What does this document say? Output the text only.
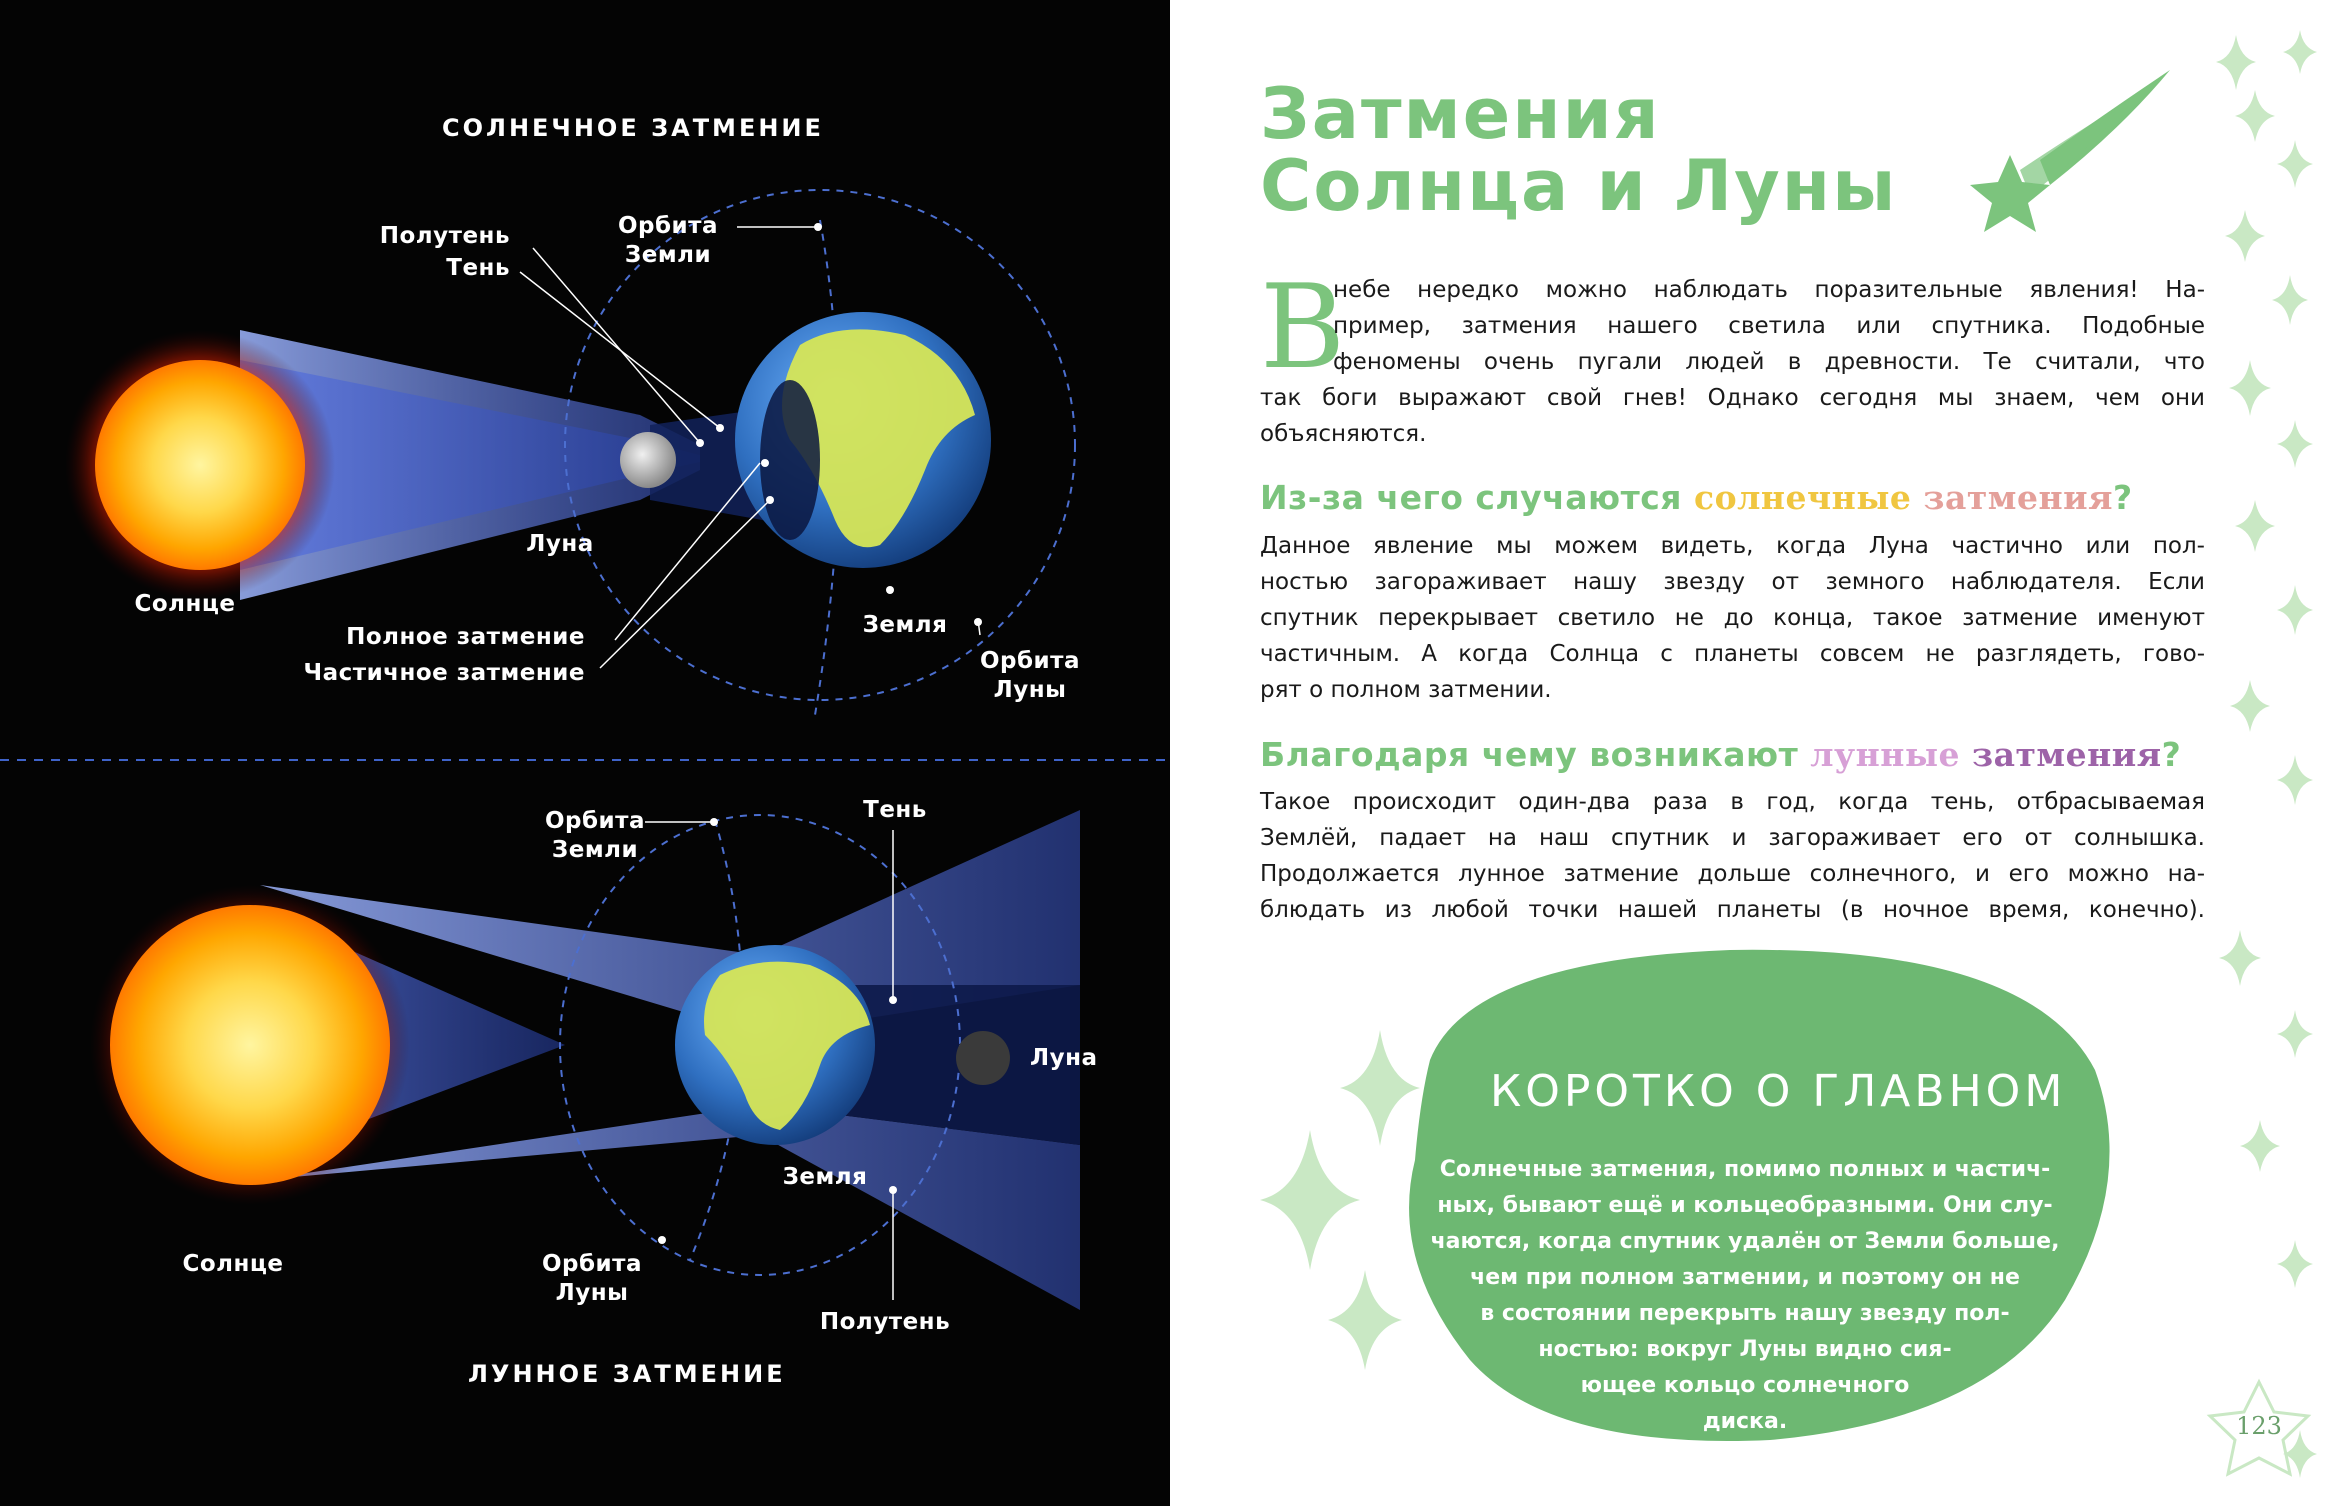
СОЛНЕЧНОЕ ЗАТМЕНИЕ

ЛУННОЕ ЗАТМЕНИЕ

Полутень

Тень

Орбита

Земли

Луна

Солнце

Полное затмение

Частичное затмение

Земля

Орбита

Луны

Орбита

Земли

Тень

Луна

Земля

Солнце	Орбита

Луны

Полутень

Затмения
Солнца и Луны

В

небе нередко можно наблюдать поразительные явления! На-
пример, затмения нашего светила или спутника. Подобные
феномены очень пугали людей в древности. Те считали, что
так боги выражают свой гнев! Однако сегодня мы знаем, чем они
объясняются.
Из-за чего случаются солнечные затмения?
Данное явление мы можем видеть, когда Луна частично или пол-
ностью загораживает нашу звезду от земного наблюдателя. Если
спутник перекрывает светило не до конца, такое затмение именуют
частичным. А когда Солнца с планеты совсем не разглядеть, гово-
рят о полном затмении.
Благодаря чему возникают лунные затмения?
Такое происходит один-два раза в год, когда тень, отбрасываемая
Землёй, падает на наш спутник и загораживает его от солнышка.
Продолжается лунное затмение дольше солнечного, и его можно на-
блюдать из любой точки нашей планеты (в ночное время, конечно).

КОРОТКО О ГЛАВНОМ

Солнечные затмения, помимо полных и частич-
ных, бывают ещё и кольцеобразными. Они слу-
чаются, когда спутник удалён от Земли больше,
чем при полном затмении, и поэтому он не
в состоянии перекрыть нашу звезду пол-
ностью: вокруг Луны видно сия-
ющее кольцо солнечного
диска.	123
